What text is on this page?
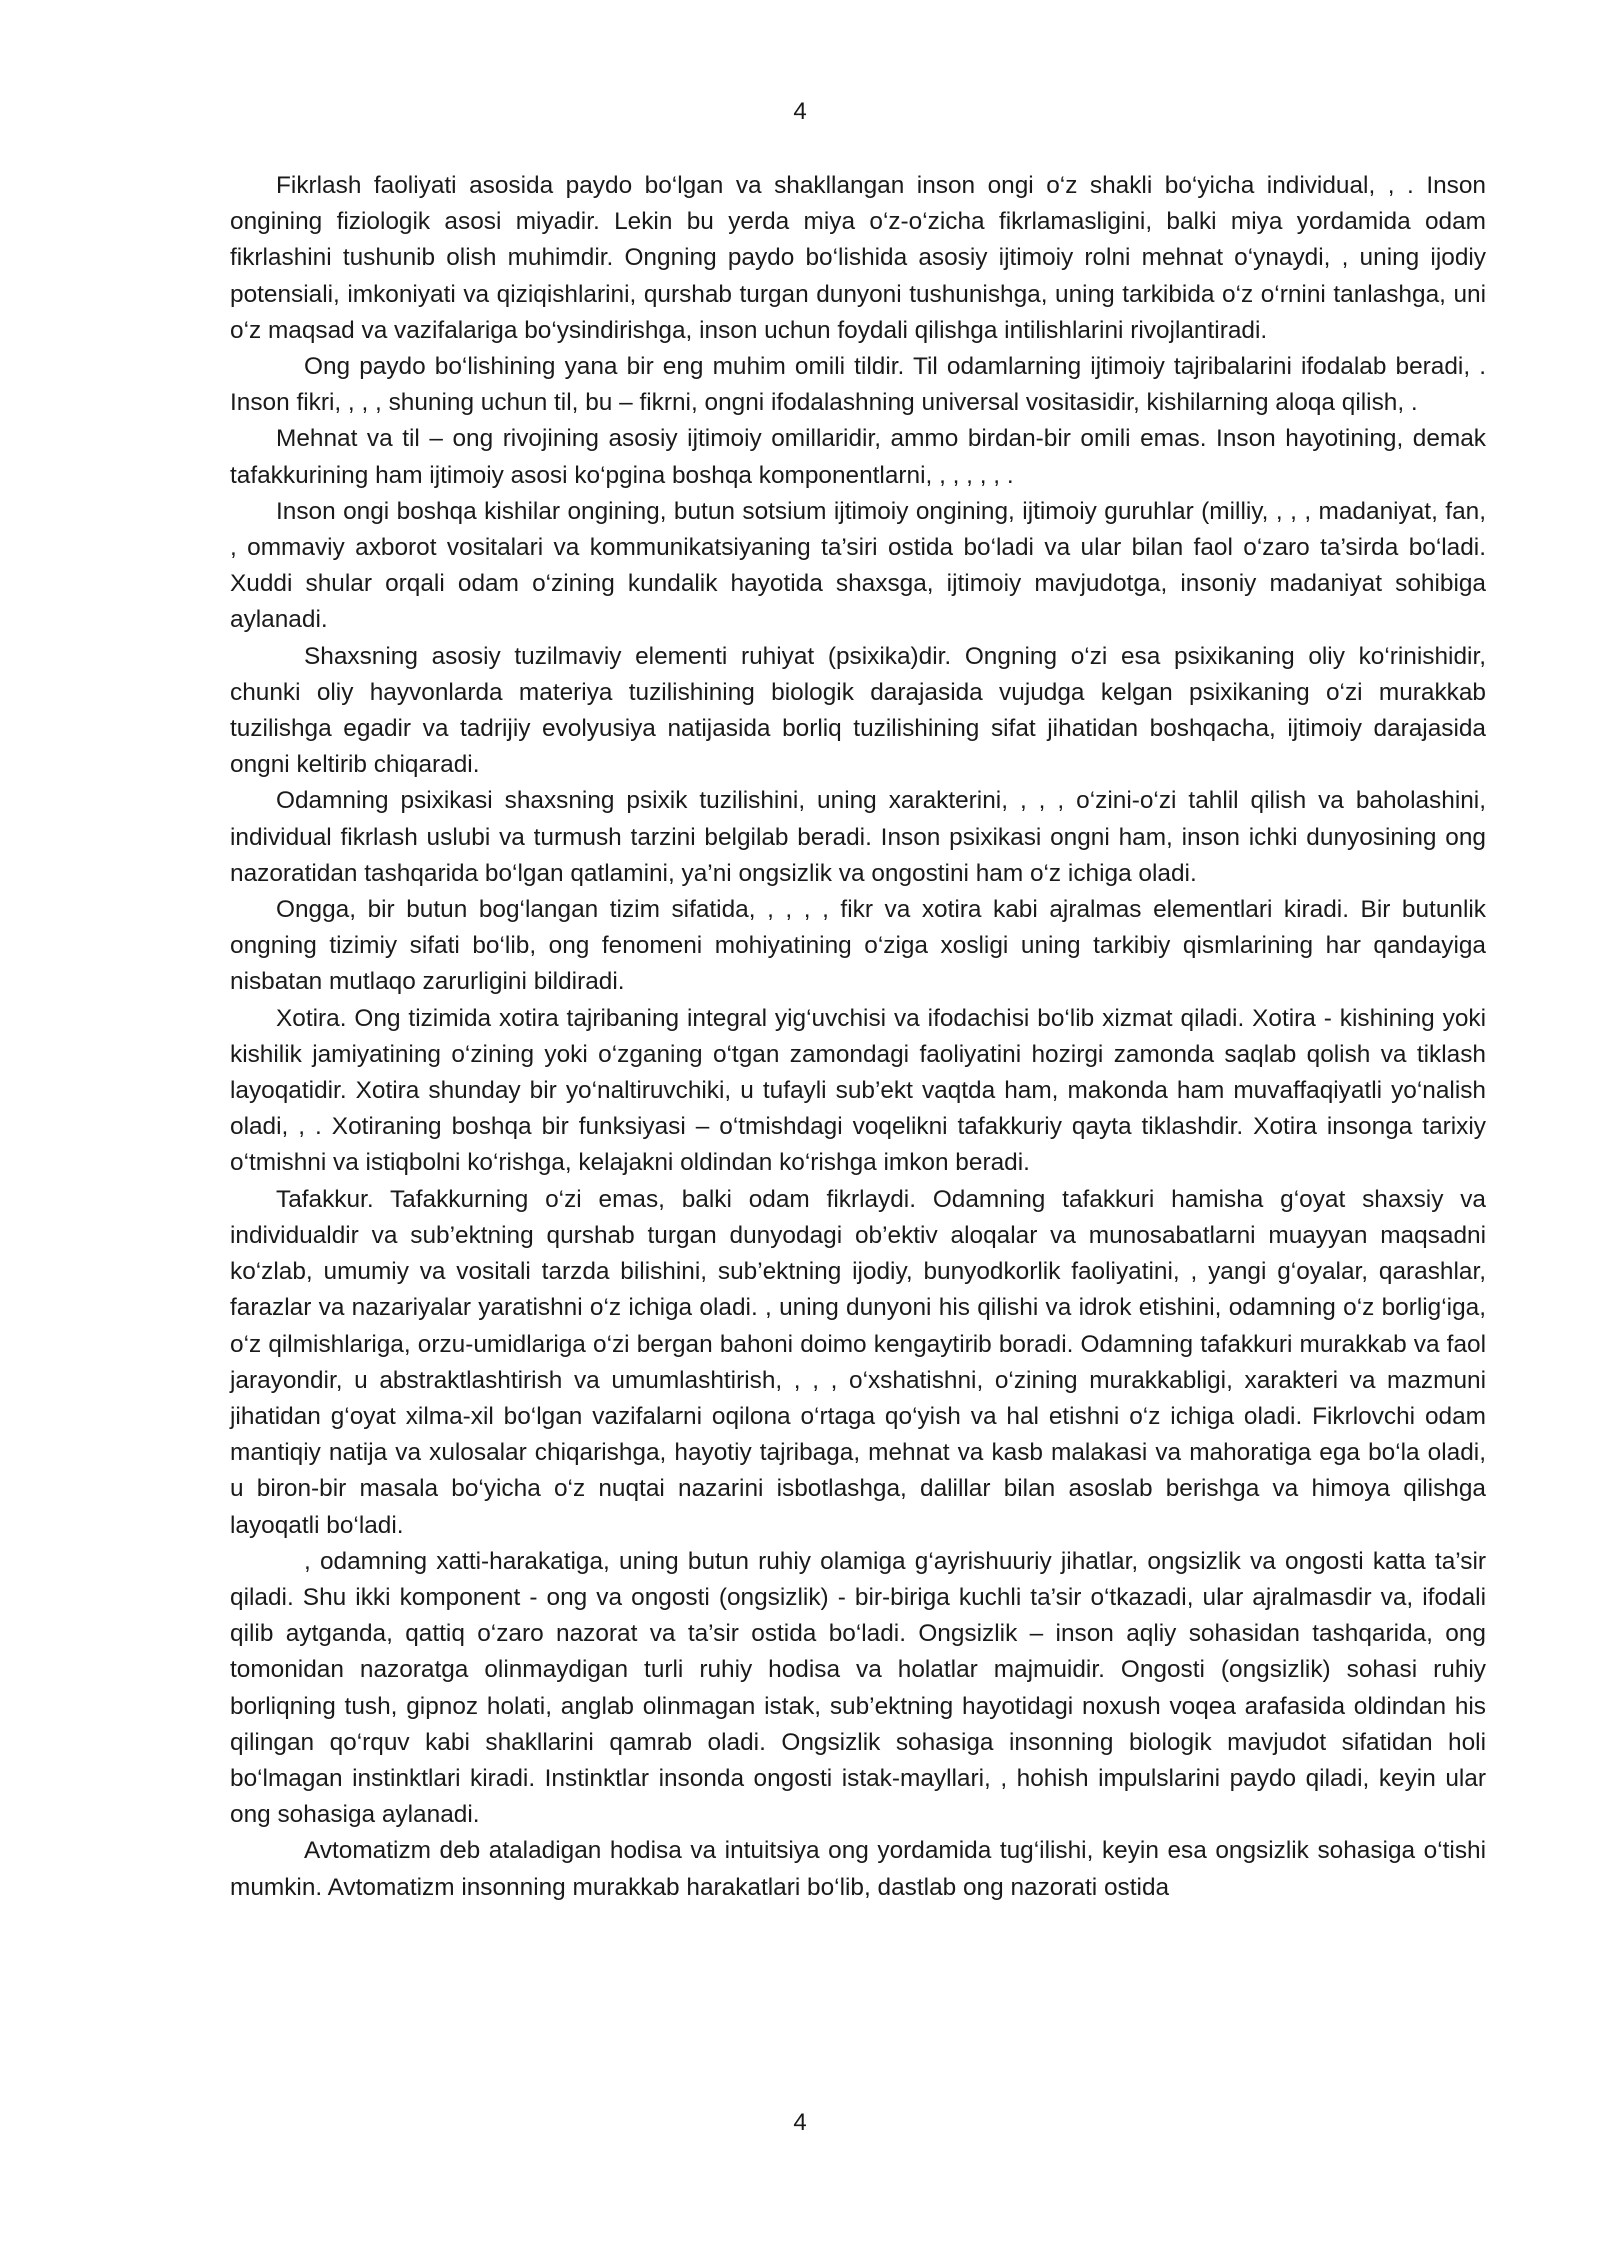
4

Fikrlash faoliyati asosida paydo bo‘lgan va shakllangan inson ongi o‘z shakli bo‘yicha individual, , . Inson ongining fiziologik asosi miyadir. Lekin bu yerda miya o‘z-o‘zicha fikrlamasligini, balki miya yordamida odam fikrlashini tushunib olish muhimdir. Ongning paydo bo‘lishida asosiy ijtimoiy rolni mehnat o‘ynaydi, , uning ijodiy potensiali, imkoniyati va qiziqishlarini, qurshab turgan dunyoni tushunishga, uning tarkibida o‘z o‘rnini tanlashga, uni o‘z maqsad va vazifalariga bo‘ysindirishga, inson uchun foydali qilishga intilishlarini rivojlantiradi.

Ong paydo bo‘lishining yana bir eng muhim omili tildir. Til odamlarning ijtimoiy tajribalarini ifodalab beradi, . Inson fikri, , , , shuning uchun til, bu – fikrni, ongni ifodalashning universal vositasidir, kishilarning aloqa qilish, .

Mehnat va til – ong rivojining asosiy ijtimoiy omillaridir, ammo birdan-bir omili emas. Inson hayotining, demak tafakkurining ham ijtimoiy asosi ko‘pgina boshqa komponentlarni, , , , , , .

Inson ongi boshqa kishilar ongining, butun sotsium ijtimoiy ongining, ijtimoiy guruhlar (milliy, , , , madaniyat, fan, , ommaviy axborot vositalari va kommunikatsiyaning ta’siri ostida bo‘ladi va ular bilan faol o‘zaro ta’sirda bo‘ladi. Xuddi shular orqali odam o‘zining kundalik hayotida shaxsga, ijtimoiy mavjudotga, insoniy madaniyat sohibiga aylanadi.

Shaxsning asosiy tuzilmaviy elementi ruhiyat (psixika)dir. Ongning o‘zi esa psixikaning oliy ko‘rinishidir, chunki oliy hayvonlarda materiya tuzilishining biologik darajasida vujudga kelgan psixikaning o‘zi murakkab tuzilishga egadir va tadrijiy evolyusiya natijasida borliq tuzilishining sifat jihatidan boshqacha, ijtimoiy darajasida ongni keltirib chiqaradi.

Odamning psixikasi shaxsning psixik tuzilishini, uning xarakterini, , , , o‘zini-o‘zi tahlil qilish va baholashini, individual fikrlash uslubi va turmush tarzini belgilab beradi. Inson psixikasi ongni ham, inson ichki dunyosining ong nazoratidan tashqarida bo‘lgan qatlamini, ya’ni ongsizlik va ongostini ham o‘z ichiga oladi.

Ongga, bir butun bog‘langan tizim sifatida, , , , , fikr va xotira kabi ajralmas elementlari kiradi. Bir butunlik ongning tizimiy sifati bo‘lib, ong fenomeni mohiyatining o‘ziga xosligi uning tarkibiy qismlarining har qandayiga nisbatan mutlaqo zarurligini bildiradi.

Xotira. Ong tizimida xotira tajribaning integral yig‘uvchisi va ifodachisi bo‘lib xizmat qiladi. Xotira - kishining yoki kishilik jamiyatining o‘zining yoki o‘zganing o‘tgan zamondagi faoliyatini hozirgi zamonda saqlab qolish va tiklash layoqatidir. Xotira shunday bir yo‘naltiruvchiki, u tufayli sub’ekt vaqtda ham, makonda ham muvaffaqiyatli yo‘nalish oladi, , . Xotiraning boshqa bir funksiyasi – o‘tmishdagi voqelikni tafakkuriy qayta tiklashdir. Xotira insonga tarixiy o‘tmishni va istiqbolni ko‘rishga, kelajakni oldindan ko‘rishga imkon beradi.

Tafakkur. Tafakkurning o‘zi emas, balki odam fikrlaydi. Odamning tafakkuri hamisha g‘oyat shaxsiy va individualdir va sub’ektning qurshab turgan dunyodagi ob’ektiv aloqalar va munosabatlarni muayyan maqsadni ko‘zlab, umumiy va vositali tarzda bilishini, sub’ektning ijodiy, bunyodkorlik faoliyatini, , yangi g‘oyalar, qarashlar, farazlar va nazariyalar yaratishni o‘z ichiga oladi. , uning dunyoni his qilishi va idrok etishini, odamning o‘z borlig‘iga, o‘z qilmishlariga, orzu-umidlariga o‘zi bergan bahoni doimo kengaytirib boradi. Odamning tafakkuri murakkab va faol jarayondir, u abstraktlashtirish va umumlashtirish, , , , o‘xshatishni, o‘zining murakkabligi, xarakteri va mazmuni jihatidan g‘oyat xilma-xil bo‘lgan vazifalarni oqilona o‘rtaga qo‘yish va hal etishni o‘z ichiga oladi. Fikrlovchi odam mantiqiy natija va xulosalar chiqarishga, hayotiy tajribaga, mehnat va kasb malakasi va mahoratiga ega bo‘la oladi, u biron-bir masala bo‘yicha o‘z nuqtai nazarini isbotlashga, dalillar bilan asoslab berishga va himoya qilishga layoqatli bo‘ladi.

, odamning xatti-harakatiga, uning butun ruhiy olamiga g‘ayrishuuriy jihatlar, ongsizlik va ongosti katta ta’sir qiladi. Shu ikki komponent - ong va ongosti (ongsizlik) - bir-biriga kuchli ta’sir o‘tkazadi, ular ajralmasdir va, ifodali qilib aytganda, qattiq o‘zaro nazorat va ta’sir ostida bo‘ladi. Ongsizlik – inson aqliy sohasidan tashqarida, ong tomonidan nazoratga olinmaydigan turli ruhiy hodisa va holatlar majmuidir. Ongosti (ongsizlik) sohasi ruhiy borliqning tush, gipnoz holati, anglab olinmagan istak, sub’ektning hayotidagi noxush voqea arafasida oldindan his qilingan qo‘rquv kabi shakllarini qamrab oladi. Ongsizlik sohasiga insonning biologik mavjudot sifatidan holi bo‘lmagan instinktlari kiradi. Instinktlar insonda ongosti istak-mayllari, , hohish impulslarini paydo qiladi, keyin ular ong sohasiga aylanadi.

Avtomatizm deb ataladigan hodisa va intuitsiya ong yordamida tug‘ilishi, keyin esa ongsizlik sohasiga o‘tishi mumkin. Avtomatizm insonning murakkab harakatlari bo‘lib, dastlab ong nazorati ostida

4
